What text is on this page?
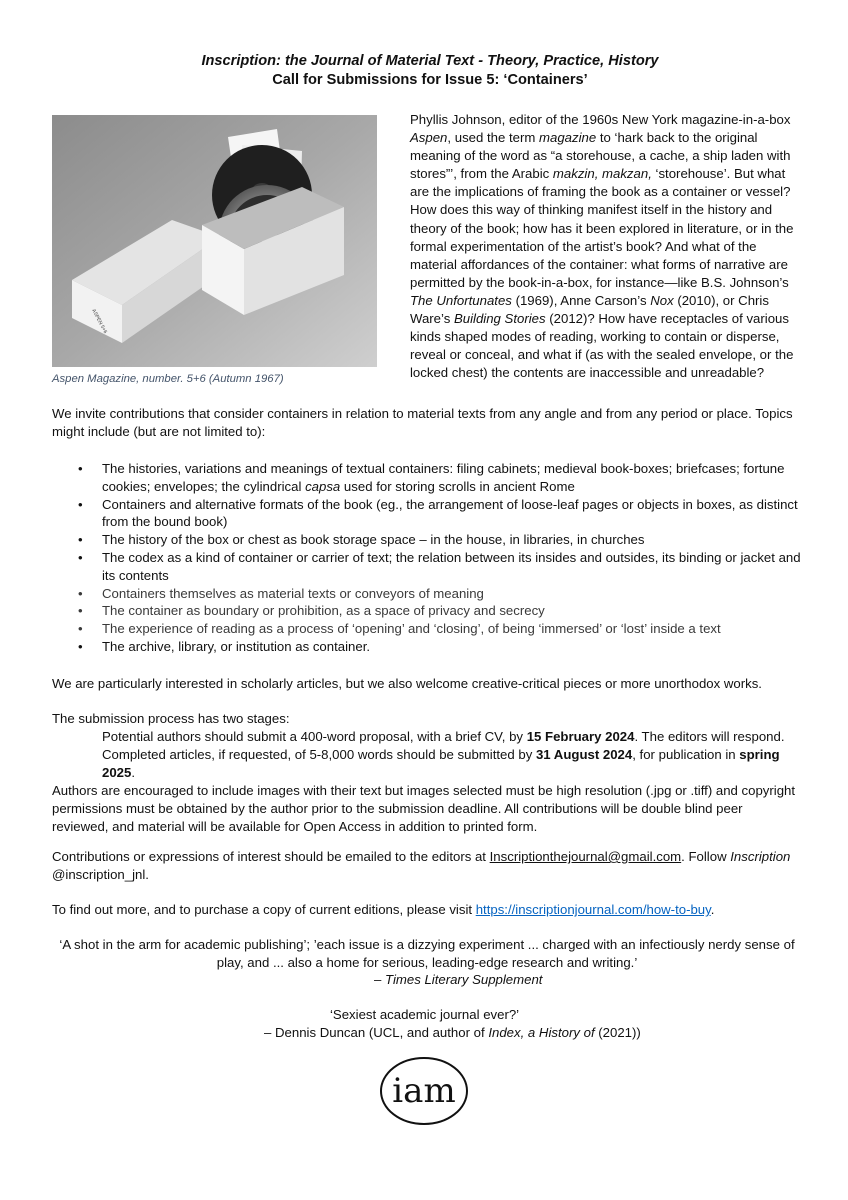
Inscription: the Journal of Material Text - Theory, Practice, History
Call for Submissions for Issue 5: ‘Containers’
ASPEN 5+6
Aspen Magazine, number. 5+6 (Autumn 1967)

Phyllis Johnson, editor of the 1960s New York magazine-in-a-box Aspen, used the term magazine to ‘hark back to the original meaning of the word as “a storehouse, a cache, a ship laden with stores”’, from the Arabic makzin, makzan, ‘storehouse’. But what are the implications of framing the book as a container or vessel? How does this way of thinking manifest itself in the history and theory of the book; how has it been explored in literature, or in the formal experimentation of the artist’s book? And what of the material affordances of the container: what forms of narrative are permitted by the book-in-a-box, for instance—like B.S. Johnson’s The Unfortunates (1969), Anne Carson’s Nox (2010), or Chris Ware’s Building Stories (2012)? How have receptacles of various kinds shaped modes of reading, working to contain or disperse, reveal or conceal, and what if (as with the sealed envelope, or the locked chest) the contents are inaccessible and unreadable?

We invite contributions that consider containers in relation to material texts from any angle and from any period or place. Topics might include (but are not limited to):

• The histories, variations and meanings of textual containers: filing cabinets; medieval book-boxes; briefcases; fortune cookies; envelopes; the cylindrical capsa used for storing scrolls in ancient Rome
• Containers and alternative formats of the book (eg., the arrangement of loose-leaf pages or objects in boxes, as distinct from the bound book)
• The history of the box or chest as book storage space – in the house, in libraries, in churches
• The codex as a kind of container or carrier of text; the relation between its insides and outsides, its binding or jacket and its contents
• Containers themselves as material texts or conveyors of meaning
• The container as boundary or prohibition, as a space of privacy and secrecy
• The experience of reading as a process of ‘opening’ and ‘closing’, of being ‘immersed’ or ‘lost’ inside a text
• The archive, library, or institution as container.

We are particularly interested in scholarly articles, but we also welcome creative-critical pieces or more unorthodox works.

The submission process has two stages:

Potential authors should submit a 400-word proposal, with a brief CV, by 15 February 2024. The editors will respond.

Completed articles, if requested, of 5-8,000 words should be submitted by 31 August 2024, for publication in spring 2025.

Authors are encouraged to include images with their text but images selected must be high resolution (.jpg or .tiff) and copyright permissions must be obtained by the author prior to the submission deadline. All contributions will be double blind peer reviewed, and material will be available for Open Access in addition to printed form.

Contributions or expressions of interest should be emailed to the editors at Inscriptionthejournal@gmail.com. Follow Inscription @inscription_jnl.

To find out more, and to purchase a copy of current editions, please visit https://inscriptionjournal.com/how-to-buy.

‘A shot in the arm for academic publishing’; ’each issue is a dizzying experiment ... charged with an infectiously nerdy sense of
play, and ... also a home for serious, leading-edge research and writing.’
– Times Literary Supplement
‘Sexiest academic journal ever?’
– Dennis Duncan (UCL, and author of Index, a History of (2021))
iam
